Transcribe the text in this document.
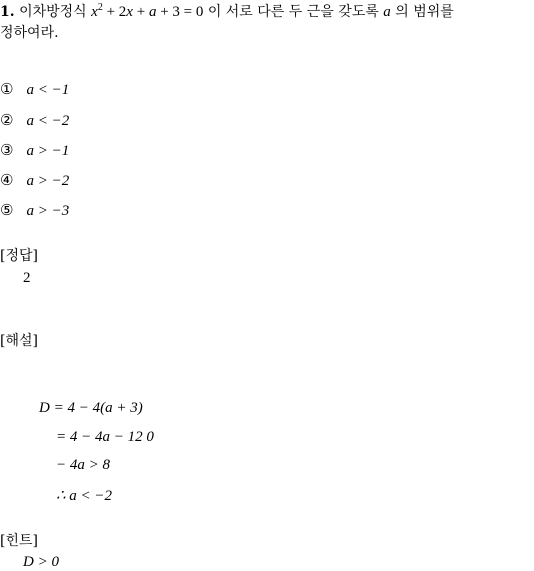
1. 이차방정식 $x^2 + 2x + a + 3 = 0$ 이 서로 다른 두 근을 갖도록 a 의 범위를
정하여라.
① a < −1
② a < −2
③ a > −1
④ a > −2
⑤ a > −3
[정답]
2
[해설]
D = 4 − 4(a + 3)
= 4 − 4a − 12 0
− 4a > 8
∴ a < −2
[힌트]
D > 0
